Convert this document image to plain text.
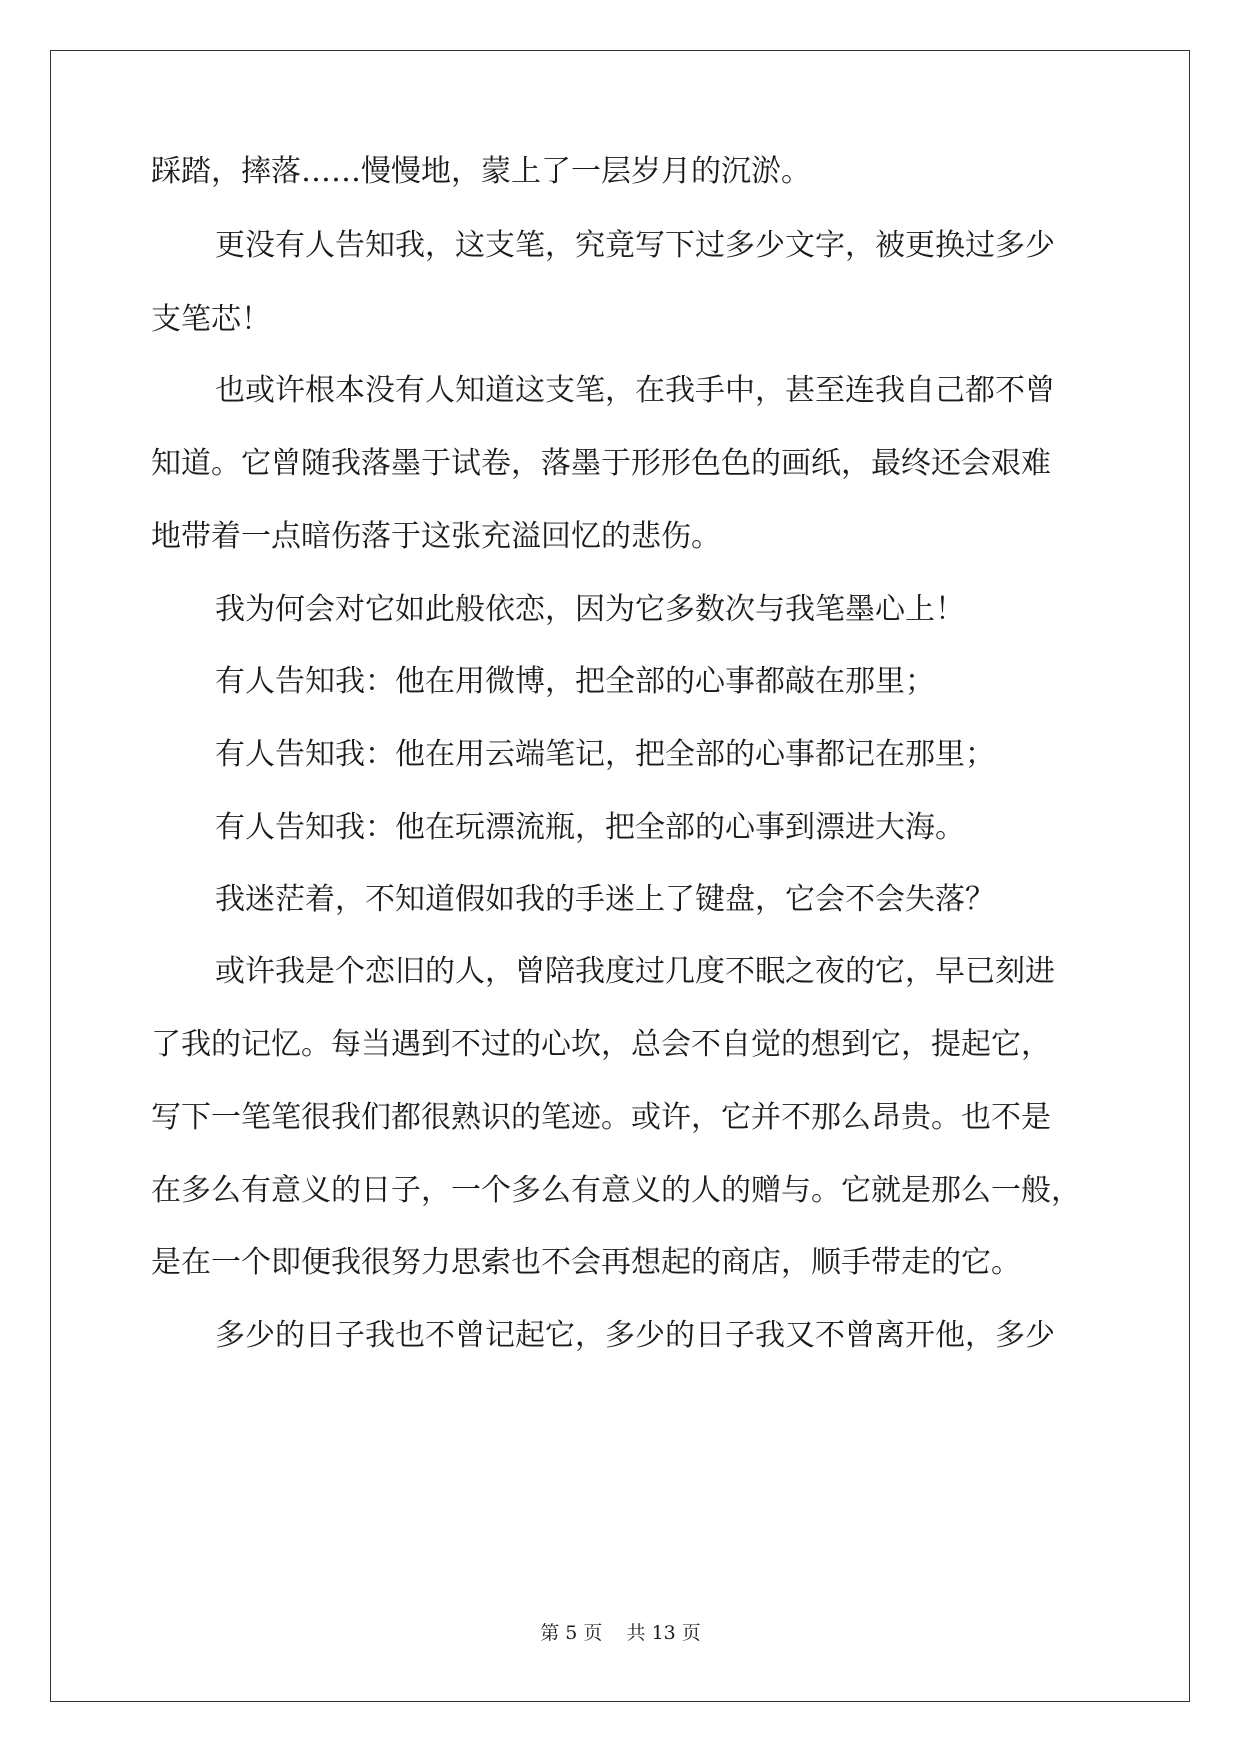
踩踏，摔落……慢慢地，蒙上了一层岁月的沉淤。
更没有人告知我，这支笔，究竟写下过多少文字，被更换过多少
支笔芯！
也或许根本没有人知道这支笔，在我手中，甚至连我自己都不曾
知道。它曾随我落墨于试卷，落墨于形形色色的画纸，最终还会艰难
地带着一点暗伤落于这张充溢回忆的悲伤。
我为何会对它如此般依恋，因为它多数次与我笔墨心上！
有人告知我：他在用微博，把全部的心事都敲在那里；
有人告知我：他在用云端笔记，把全部的心事都记在那里；
有人告知我：他在玩漂流瓶，把全部的心事到漂进大海。
我迷茫着，不知道假如我的手迷上了键盘，它会不会失落？
或许我是个恋旧的人，曾陪我度过几度不眠之夜的它，早已刻进
了我的记忆。每当遇到不过的心坎，总会不自觉的想到它，提起它，
写下一笔笔很我们都很熟识的笔迹。或许，它并不那么昂贵。也不是
在多么有意义的日子，一个多么有意义的人的赠与。它就是那么一般，
是在一个即便我很努力思索也不会再想起的商店，顺手带走的它。
多少的日子我也不曾记起它，多少的日子我又不曾离开他，多少
第 5 页 共 13 页
